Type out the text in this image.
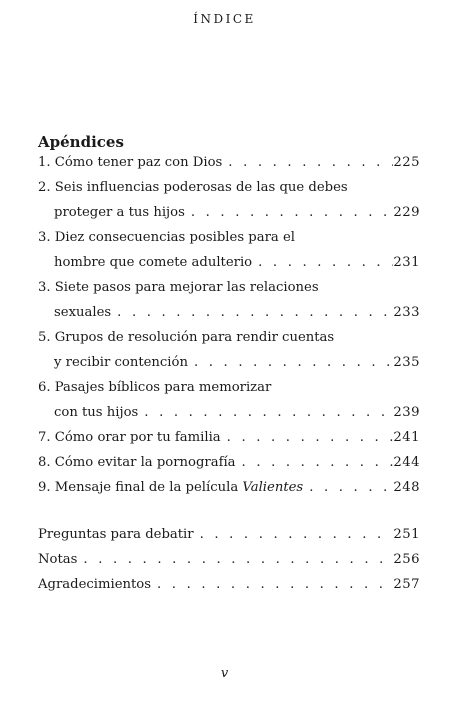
ÍNDICE
Apéndices
1. Cómo tener paz con Dios . . .	225
2. Seis influencias poderosas de las que debes
proteger a tus hijos . . .	229
3. Diez consecuencias posibles para el
hombre que comete adulterio . . .	231
3. Siete pasos para mejorar las relaciones
sexuales . . .	233
5. Grupos de resolución para rendir cuentas
y recibir contención . . .	235
6. Pasajes bíblicos para memorizar
con tus hijos . . .	239
7. Cómo orar por tu familia . . .	241
8. Cómo evitar la pornografía . . .	244
9. Mensaje final de la película Valientes . . .	248
Preguntas para debatir . . .	251
Notas . . .	256
Agradecimientos . . .	257
v
